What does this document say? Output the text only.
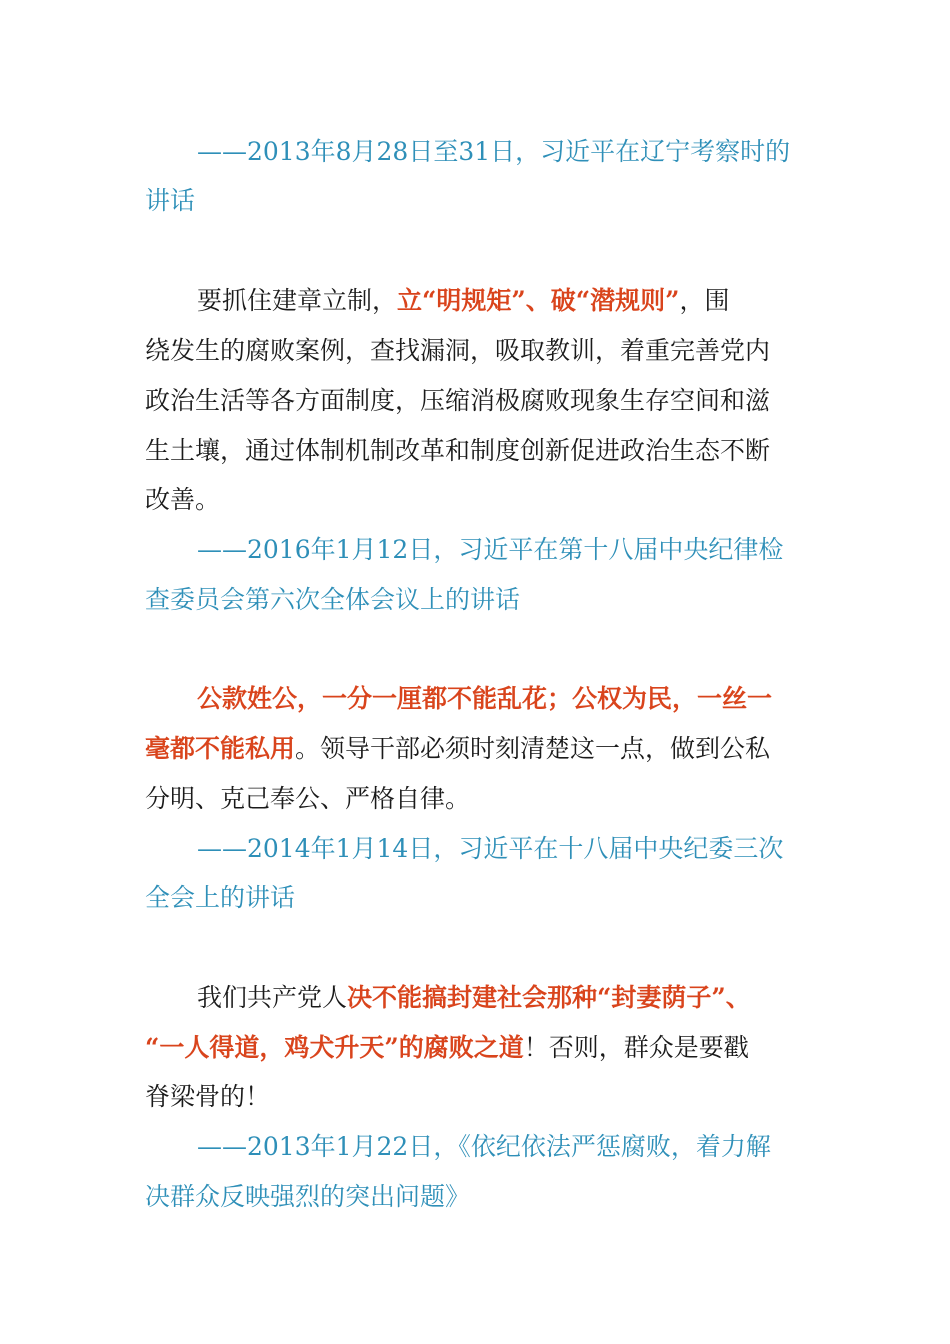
——2013年8月28日至31日，习近平在辽宁考察时的
讲话
要抓住建章立制，立“明规矩”、破“潜规则”，围
绕发生的腐败案例，查找漏洞，吸取教训，着重完善党内
政治生活等各方面制度，压缩消极腐败现象生存空间和滋
生土壤，通过体制机制改革和制度创新促进政治生态不断
改善。
——2016年1月12日，习近平在第十八届中央纪律检
查委员会第六次全体会议上的讲话
公款姓公，一分一厘都不能乱花；公权为民，一丝一
毫都不能私用。领导干部必须时刻清楚这一点，做到公私
分明、克己奉公、严格自律。
——2014年1月14日，习近平在十八届中央纪委三次
全会上的讲话
我们共产党人决不能搞封建社会那种“封妻荫子”、
“一人得道，鸡犬升天”的腐败之道！否则，群众是要戳
脊梁骨的！
——2013年1月22日，《依纪依法严惩腐败，着力解
决群众反映强烈的突出问题》
